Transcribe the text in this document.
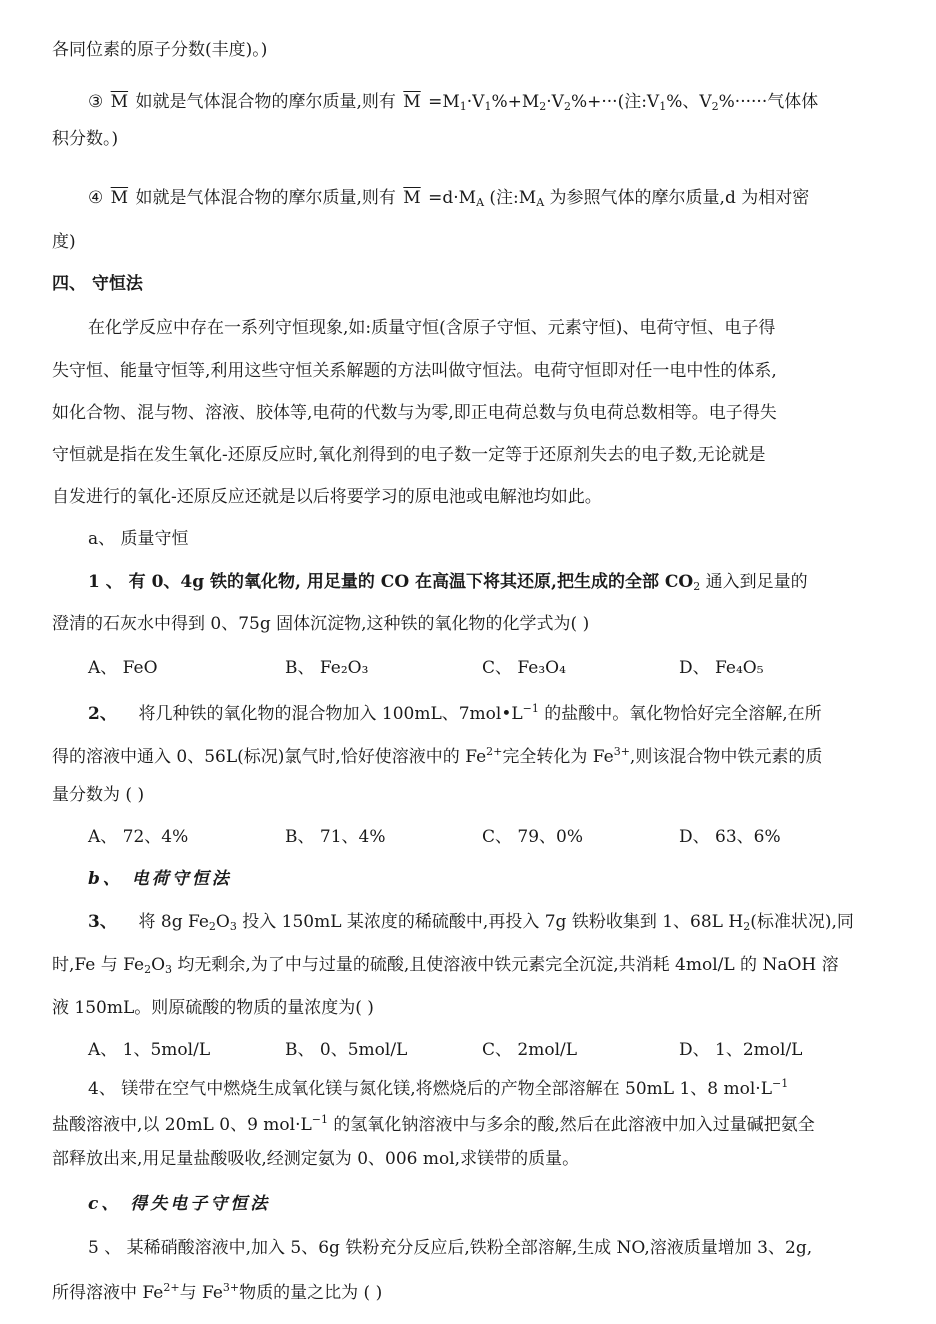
各同位素的原子分数(丰度)。)
③ $\overline{M}$ 如就是气体混合物的摩尔质量,则有 $\overline{M} =M_1\cdot V_1\%+M_2\cdot V_2\%+\cdot\cdot\cdot$(注$:V_1\%$、$V_2\%\cdot\cdot\cdot\cdot\cdot\cdot$气体体
积分数。)
④ $\overline{M}$ 如就是气体混合物的摩尔质量,则有 $\overline{M} =d\cdot M_A$ (注$:M_A$ 为参照气体的摩尔质量,d 为相对密
度)
四、 守恒法
在化学反应中存在一系列守恒现象,如:质量守恒(含原子守恒、元素守恒)、电荷守恒、电子得
失守恒、能量守恒等,利用这些守恒关系解题的方法叫做守恒法。电荷守恒即对任一电中性的体系,
如化合物、混与物、溶液、胶体等,电荷的代数与为零,即正电荷总数与负电荷总数相等。电子得失
守恒就是指在发生氧化-还原反应时,氧化剂得到的电子数一定等于还原剂失去的电子数,无论就是
自发进行的氧化-还原反应还就是以后将要学习的原电池或电解池均如此。
a、 质量守恒
1 、 有 0、4g 铁的氧化物, 用足量的 CO 在高温下将其还原,把生成的全部 $CO_2$ 通入到足量的
澄清的石灰水中得到 0、75g 固体沉淀物,这种铁的氧化物的化学式为( )
A、 FeO	B、 Fe₂O₃	C、 Fe₃O₄	D、 Fe₄O₅
2、 将几种铁的氧化物的混合物加入 100mL、$7mol•L^{-1}$ 的盐酸中。氧化物恰好完全溶解,在所
得的溶液中通入 0、56L(标况)氯气时,恰好使溶液中的 $Fe^{2+}$完全转化为 $Fe^{3+}$,则该混合物中铁元素的质
量分数为 ( )
A、 72、4%	B、 71、4%	C、 79、0%	D、 63、6%
b、 电荷守恒法
3、 将 8g $Fe_2O_3$ 投入 150mL 某浓度的稀硫酸中,再投入 7g 铁粉收集到 1、68L $H_2$(标准状况),同
时,Fe 与 $Fe_2O_3$ 均无剩余,为了中与过量的硫酸,且使溶液中铁元素完全沉淀,共消耗 4mol/L 的 NaOH 溶
液 150mL。则原硫酸的物质的量浓度为( )
A、 1、5mol/L	B、 0、5mol/L	C、 2mol/L	D、 1、2mol/L
4、 镁带在空气中燃烧生成氧化镁与氮化镁,将燃烧后的产物全部溶解在 50mL 1、8 $mol\cdot L^{-1}$
盐酸溶液中,以 20mL 0、9 $mol\cdot L^{-1}$ 的氢氧化钠溶液中与多余的酸,然后在此溶液中加入过量碱把氨全
部释放出来,用足量盐酸吸收,经测定氨为 0、006 mol,求镁带的质量。
c、 得失电子守恒法
5 、 某稀硝酸溶液中,加入 5、6g 铁粉充分反应后,铁粉全部溶解,生成 NO,溶液质量增加 3、2g,
所得溶液中 $Fe^{2+}$与 $Fe^{3+}$物质的量之比为 ( )
